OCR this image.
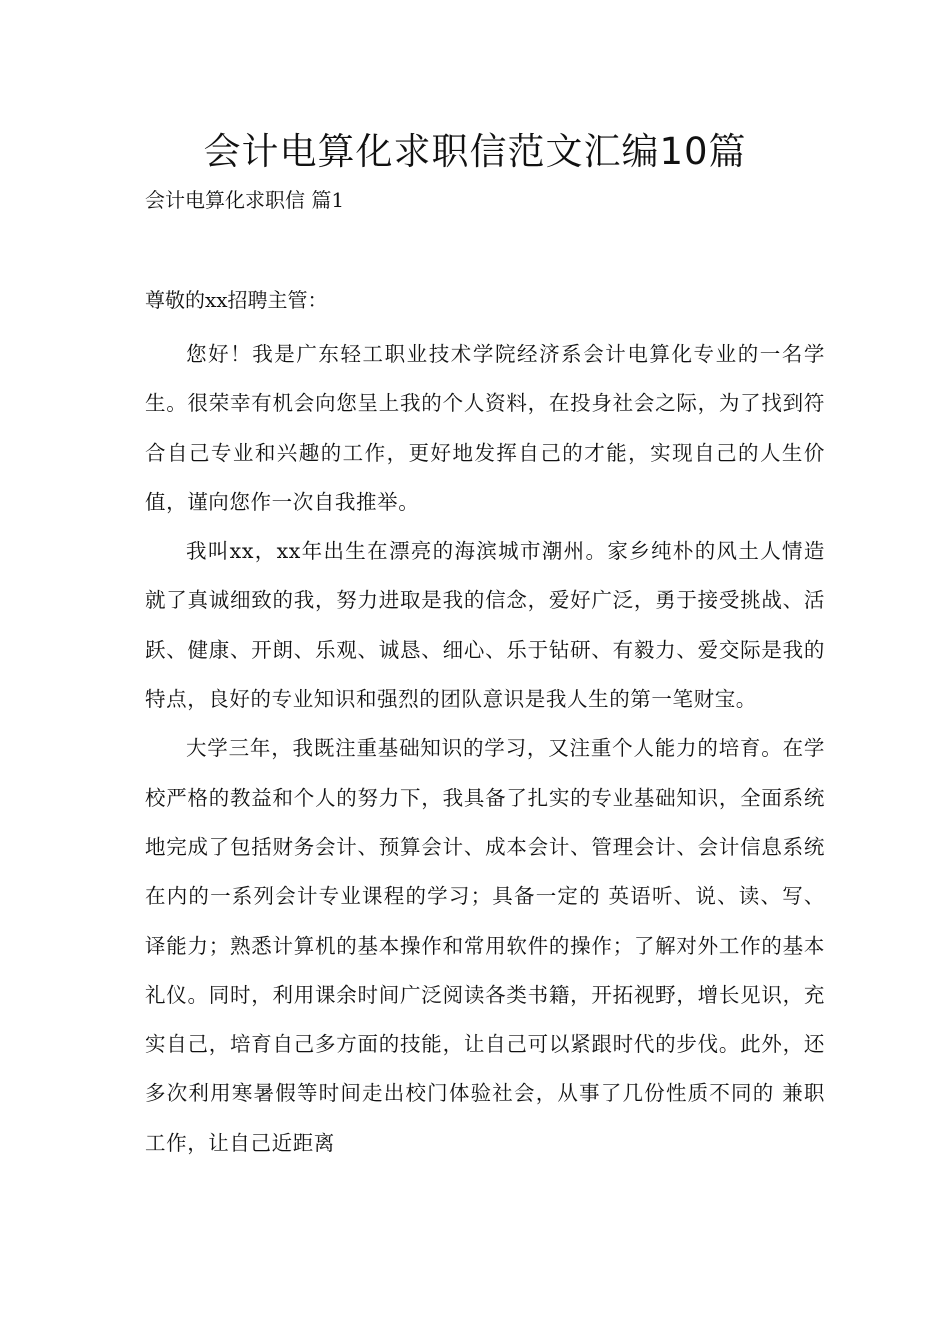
会计电算化求职信范文汇编10篇

会计电算化求职信 篇1

尊敬的xx招聘主管：

您好！我是广东轻工职业技术学院经济系会计电算化专业的一名学生。很荣幸有机会向您呈上我的个人资料，在投身社会之际，为了找到符合自己专业和兴趣的工作，更好地发挥自己的才能，实现自己的人生价值，谨向您作一次自我推举。

我叫xx，xx年出生在漂亮的海滨城市潮州。家乡纯朴的风土人情造就了真诚细致的我，努力进取是我的信念，爱好广泛，勇于接受挑战、活跃、健康、开朗、乐观、诚恳、细心、乐于钻研、有毅力、爱交际是我的特点，良好的专业知识和强烈的团队意识是我人生的第一笔财宝。

大学三年，我既注重基础知识的学习，又注重个人能力的培育。在学校严格的教益和个人的努力下，我具备了扎实的专业基础知识，全面系统地完成了包括财务会计、预算会计、成本会计、管理会计、会计信息系统在内的一系列会计专业课程的学习；具备一定的 英语听、说、读、写、译能力；熟悉计算机的基本操作和常用软件的操作；了解对外工作的基本礼仪。同时，利用课余时间广泛阅读各类书籍，开拓视野，增长见识，充实自己，培育自己多方面的技能，让自己可以紧跟时代的步伐。此外，还多次利用寒暑假等时间走出校门体验社会，从事了几份性质不同的 兼职 工作，让自己近距离
